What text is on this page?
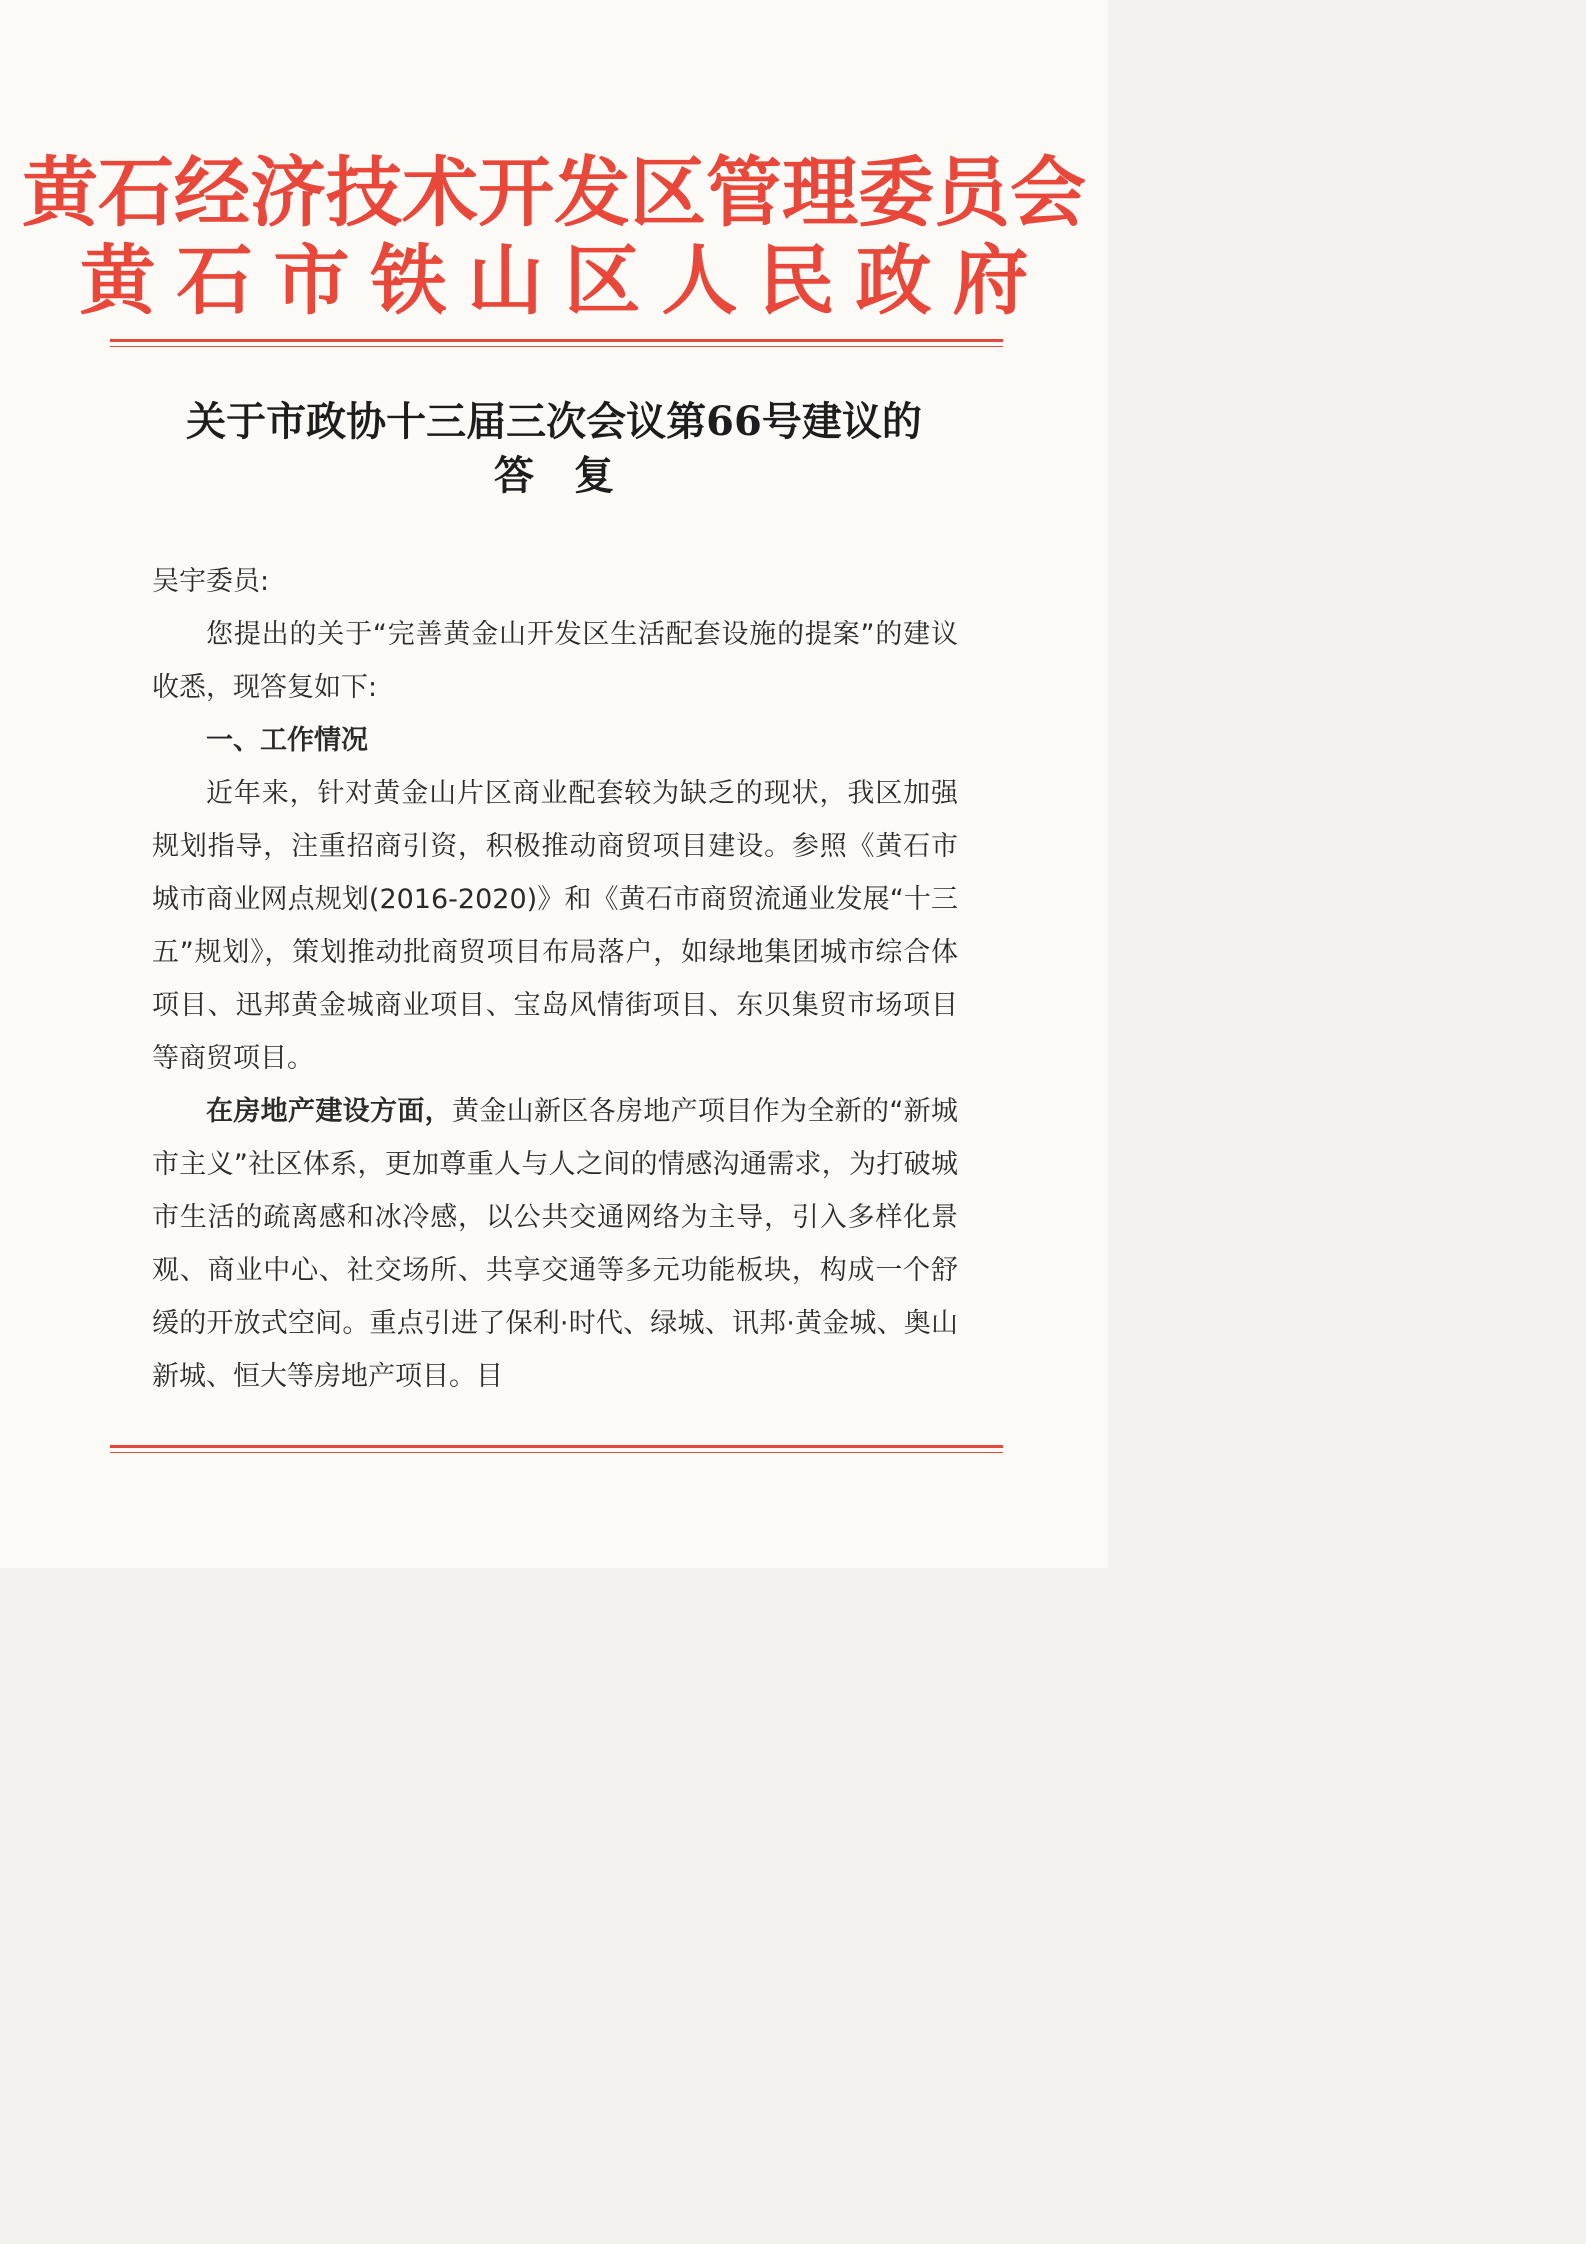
黄石经济技术开发区管理委员会
黄石市铁山区人民政府
关于市政协十三届三次会议第66号建议的
答复

吴宇委员:

您提出的关于“完善黄金山开发区生活配套设施的提案”的建议收悉，现答复如下:

一、工作情况

近年来，针对黄金山片区商业配套较为缺乏的现状，我区加强规划指导，注重招商引资，积极推动商贸项目建设。参照《黄石市城市商业网点规划(2016-2020)》和《黄石市商贸流通业发展“十三五”规划》，策划推动批商贸项目布局落户，如绿地集团城市综合体项目、迅邦黄金城商业项目、宝岛风情街项目、东贝集贸市场项目等商贸项目。

在房地产建设方面，黄金山新区各房地产项目作为全新的“新城市主义”社区体系，更加尊重人与人之间的情感沟通需求，为打破城市生活的疏离感和冰冷感，以公共交通网络为主导，引入多样化景观、商业中心、社交场所、共享交通等多元功能板块，构成一个舒缓的开放式空间。重点引进了保利·时代、绿城、讯邦·黄金城、奥山新城、恒大等房地产项目。目
